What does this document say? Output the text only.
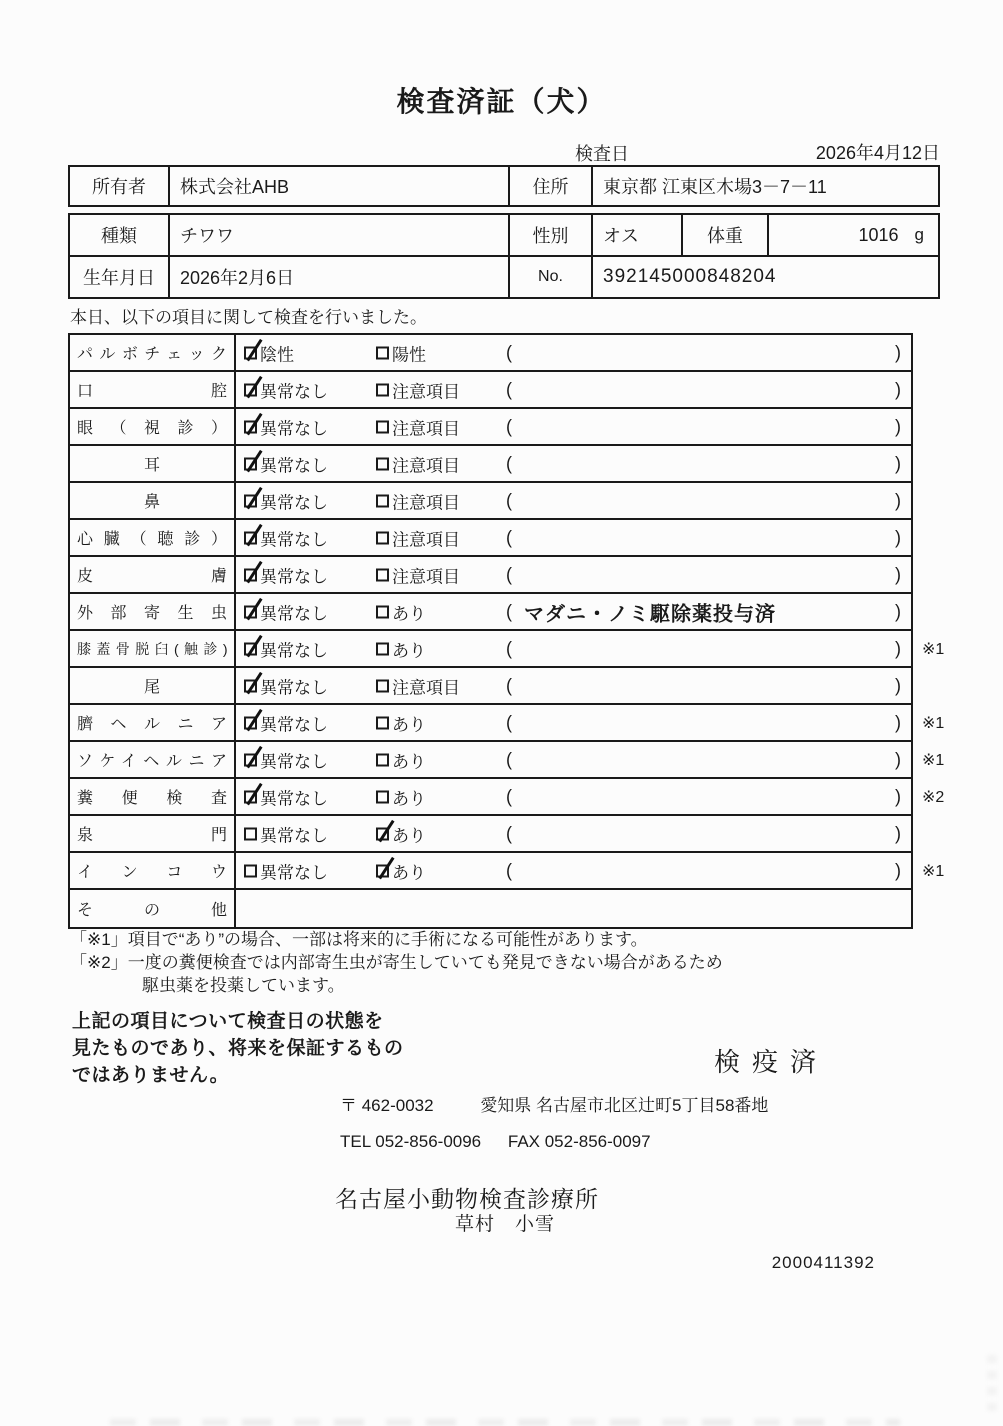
検査済証（犬）
検査日	2026年4月12日
所有者	株式会社AHB	住所	東京都 江東区木場3－7－11
種類	チワワ	性別	オス	体重	1016 g
生年月日	2026年2月6日	No.	392145000848204
本日、以下の項目に関して検査を行いました。
パルボチェック	陰性	陽性	(	)
口腔	異常なし	注意項目	(	)
眼（視診）	異常なし	注意項目	(	)
耳	異常なし	注意項目	(	)
鼻	異常なし	注意項目	(	)
心臓（聴診）	異常なし	注意項目	(	)
皮膚	異常なし	注意項目	(	)
外部寄生虫	異常なし	あり	( マダニ・ノミ駆除薬投与済	)
膝蓋骨脱臼(触診)	異常なし	あり	(	) ※1
尾	異常なし	注意項目	(	)
臍ヘルニア	異常なし	あり	(	) ※1
ソケイヘルニア	異常なし	あり	(	) ※1
糞便検査	異常なし	あり	(	) ※2
泉門	異常なし	あり	(	)
インコウ	異常なし	あり	(	) ※1
その他
「※1」項目で“あり”の場合、一部は将来的に手術になる可能性があります。
「※2」一度の糞便検査では内部寄生虫が寄生していても発見できない場合があるため
駆虫薬を投薬しています。
上記の項目について検査日の状態を
見たものであり、将来を保証するもの
ではありません。	検疫済
〒 462-0032	愛知県 名古屋市北区辻町5丁目58番地
TEL 052-856-0096 FAX 052-856-0097
名古屋小動物検査診療所
草村　小雪
2000411392
